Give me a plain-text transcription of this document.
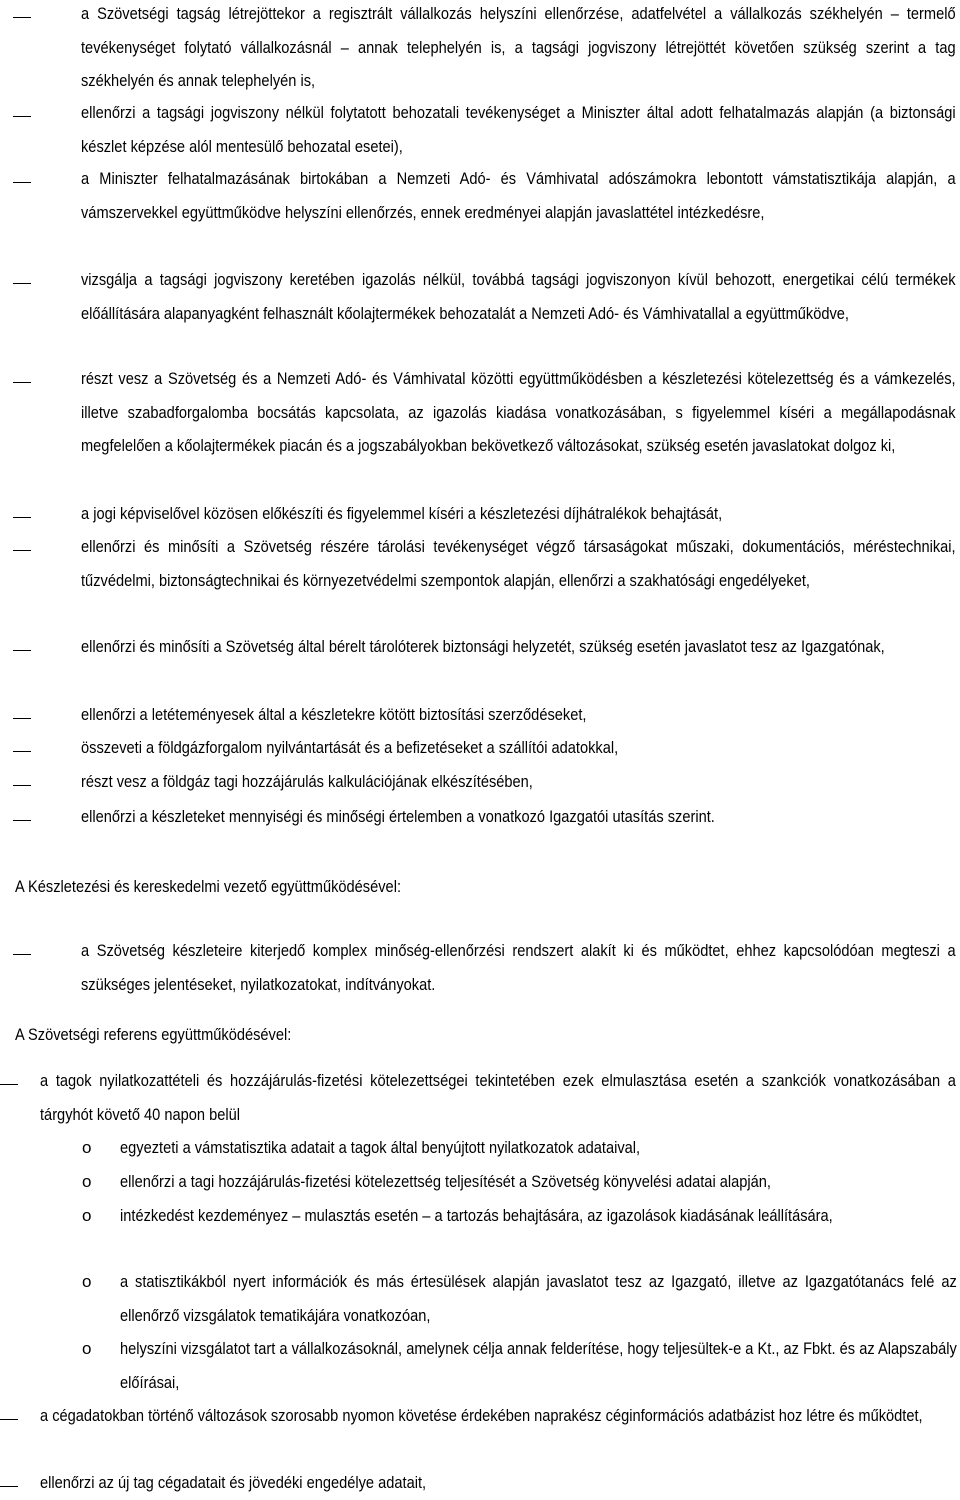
a Szövetségi tagság létrejöttekor a regisztrált vállalkozás helyszíni ellenőrzése, adatfelvétel a vállalkozás székhelyén – termelő tevékenységet folytató vállalkozásnál – annak telephelyén is, a tagsági jogviszony létrejöttét követően szükség szerint a tag székhelyén és annak telephelyén is,
ellenőrzi a tagsági jogviszony nélkül folytatott behozatali tevékenységet a Miniszter által adott felhatalmazás alapján (a biztonsági készlet képzése alól mentesülő behozatal esetei),
a Miniszter felhatalmazásának birtokában a Nemzeti Adó- és Vámhivatal adószámokra lebontott vámstatisztikája alapján, a vámszervekkel együttműködve helyszíni ellenőrzés, ennek eredményei alapján javaslattétel intézkedésre,
vizsgálja a tagsági jogviszony keretében igazolás nélkül, továbbá tagsági jogviszonyon kívül behozott, energetikai célú termékek előállítására alapanyagként felhasznált kőolajtermékek behozatalát a Nemzeti Adó- és Vámhivatallal a együttműködve,
részt vesz a Szövetség és a Nemzeti Adó- és Vámhivatal közötti együttműködésben a készletezési kötelezettség és a vámkezelés, illetve szabadforgalomba bocsátás kapcsolata, az igazolás kiadása vonatkozásában, s figyelemmel kíséri a megállapodásnak megfelelően a kőolajtermékek piacán és a jogszabályokban bekövetkező változásokat, szükség esetén javaslatokat dolgoz ki,
a jogi képviselővel közösen előkészíti és figyelemmel kíséri a készletezési díjhátralékok behajtását,
ellenőrzi és minősíti a Szövetség részére tárolási tevékenységet végző társaságokat műszaki, dokumentációs, méréstechnikai, tűzvédelmi, biztonságtechnikai és környezetvédelmi szempontok alapján, ellenőrzi a szakhatósági engedélyeket,
ellenőrzi és minősíti a Szövetség által bérelt tárolóterek biztonsági helyzetét, szükség esetén javaslatot tesz az Igazgatónak,
ellenőrzi a letéteményesek által a készletekre kötött biztosítási szerződéseket,
összeveti a földgázforgalom nyilvántartását és a befizetéseket a szállítói adatokkal,
részt vesz a földgáz tagi hozzájárulás kalkulációjának elkészítésében,
ellenőrzi a készleteket mennyiségi és minőségi értelemben a vonatkozó Igazgatói utasítás szerint.
A Készletezési és kereskedelmi vezető együttműködésével:
a Szövetség készleteire kiterjedő komplex minőség-ellenőrzési rendszert alakít ki és működtet, ehhez kapcsolódóan megteszi a szükséges jelentéseket, nyilatkozatokat, indítványokat.
A Szövetségi referens együttműködésével:
a tagok nyilatkozattételi és hozzájárulás-fizetési kötelezettségei tekintetében ezek elmulasztása esetén a szankciók vonatkozásában a tárgyhót követő 40 napon belül
o egyezteti a vámstatisztika adatait a tagok által benyújtott nyilatkozatok adataival,
o ellenőrzi a tagi hozzájárulás-fizetési kötelezettség teljesítését a Szövetség könyvelési adatai alapján,
o intézkedést kezdeményez – mulasztás esetén – a tartozás behajtására, az igazolások kiadásának leállítására,
o a statisztikákból nyert információk és más értesülések alapján javaslatot tesz az Igazgató, illetve az Igazgatótanács felé az ellenőrző vizsgálatok tematikájára vonatkozóan,
o helyszíni vizsgálatot tart a vállalkozásoknál, amelynek célja annak felderítése, hogy teljesültek-e a Kt., az Fbkt. és az Alapszabály előírásai,
a cégadatokban történő változások szorosabb nyomon követése érdekében naprakész céginformációs adatbázist hoz létre és működtet,
ellenőrzi az új tag cégadatait és jövedéki engedélye adatait,
